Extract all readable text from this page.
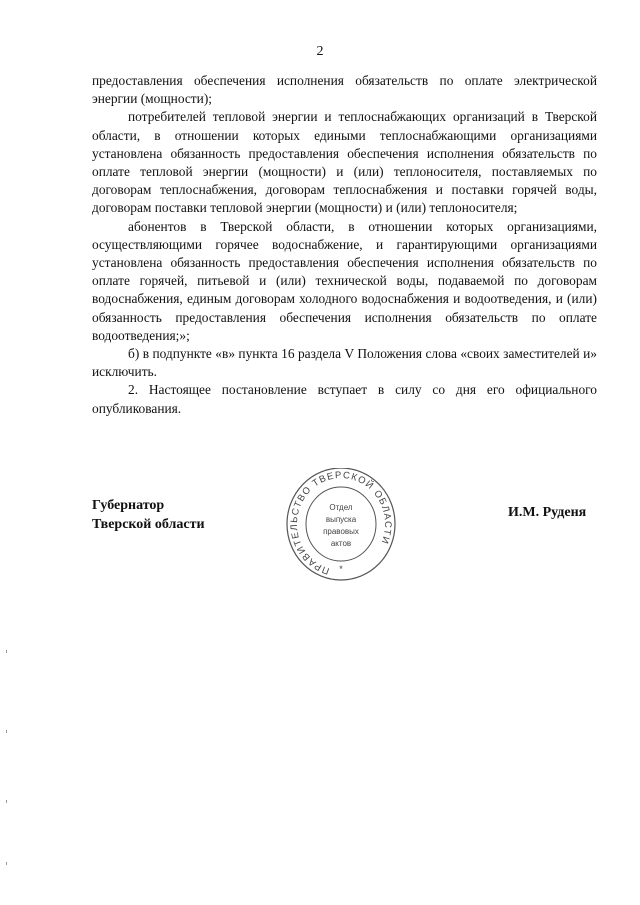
2

предоставления обеспечения исполнения обязательств по оплате электрической энергии (мощности);

потребителей тепловой энергии и теплоснабжающих организаций в Тверской области, в отношении которых едиными теплоснабжающими организациями установлена обязанность предоставления обеспечения исполнения обязательств по оплате тепловой энергии (мощности) и (или) теплоносителя, поставляемых по договорам теплоснабжения, договорам теплоснабжения и поставки горячей воды, договорам поставки тепловой энергии (мощности) и (или) теплоносителя;

абонентов в Тверской области, в отношении которых организациями, осуществляющими горячее водоснабжение, и гарантирующими организациями установлена обязанность предоставления обеспечения исполнения обязательств по оплате горячей, питьевой и (или) технической воды, подаваемой по договорам водоснабжения, единым договорам холодного водоснабжения и водоотведения, и (или) обязанность предоставления обеспечения исполнения обязательств по оплате водоотведения;»;

б) в подпункте «в» пункта 16 раздела V Положения слова «своих заместителей и» исключить.

2. Настоящее постановление вступает в силу со дня его официального опубликования.

Губернатор
Тверской области
И.М. Руденя
ПРАВИТЕЛЬСТВО ТВЕРСКОЙ ОБЛАСТИ
Отдел
выпуска
правовых
актов
*
